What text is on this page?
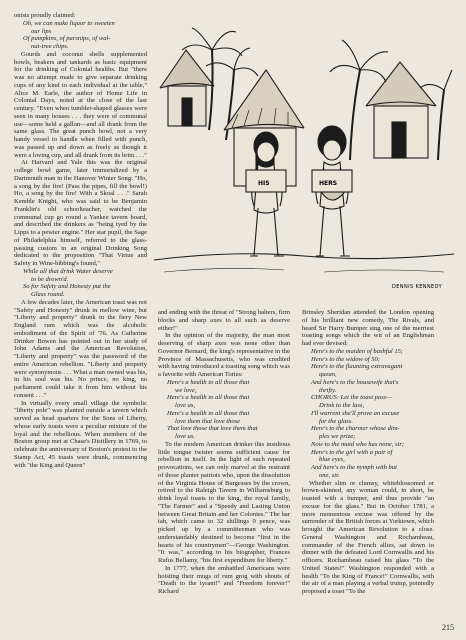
onists proudly claimed:

Oh, we can make liquor to sweeten
our lips
Of pumpkins, of parsnips, of wal-
nut-tree chips.

Gourds and coconut shells supplemented bowls, beakers and tankards as basic equipment for the drinking of Colonial healths. But "there was no attempt made to give separate drinking cups of any kind to each individual at the table," Alice M. Earle, the author of Home Life in Colonial Days, noted at the close of the last century. "Even when tumbler-shaped glasses were seen in many houses . . . they were of communal use—some held a gallon—and all drank from the same glass. The great punch bowl, not a very handy vessel to handle when filled with punch, was passed up and down as freely as though it were a loving cup, and all drank from its brim . . ."

At Harvard and Yale this was the original college bowl game, later immortalized by a Dartmouth man in the Hanover Winter Song: "Ho, a song by the fire! (Pass the pipes, fill the bowl!) Ho, a song by the fire! With a Skoal . . ." Sarah Kemble Knight, who was said to be Benjamin Franklin's old schoolteacher, watched the communal cup go round a Yankee tavern board, and described the drinkers as "being tyed by the Lipps to a pewter engine." Her star pupil, the Sage of Philadelphia himself, referred to the glass-passing custom in an original Drinking Song dedicated to the proposition "That Virtue and Safety in Wine-bibbing's found,"

While all that drink Water deserve
to be drown'd.
So for Safety and Honesty put the
Glass round.

A few decades later, the American toast was not "Safety and Honesty" drunk in mellow wine, but "Liberty and property" drunk in the fiery New England rum which was the alcoholic embodiment of the Spirit of '76. As Catherine Drinker Bowen has pointed out in her study of John Adams and the American Revolution, "Liberty and property" was the password of the entire American rebellion. "Liberty and property were synonymous . . . What a man owned was his, in his soul was his. No prince, no king, no parliament could take it from him without his consent . . ."

In virtually every small village the symbolic "liberty pole" was planted outside a tavern which served as head quarters for the Sons of Liberty, whose early toasts were a peculiar mixture of the loyal and the rebellious. When members of the Boston group met at Chase's Distillery in 1769, to celebrate the anniversary of Boston's protest to the Stamp Act, 45 toasts were drunk, commencing with "the King and Queen"

HIS	HERS
DENNIS KENNEDY

and ending with the threat of "Strong halters, firm blocks and sharp axes to all such as deserve either!"

In the opinion of the majority, the man most deserving of sharp axes was none other than Governor Bernard, the king's representative in the Province of Massachusetts, who was credited with having introduced a toasting song which was a favorite with American Tories:

Here's a health to all those that
we love,
Here's a health to all those that
love us,
Here's a health to all those that
love them that love those
That love those that love them that
love us.

To the modern American drinker this insidious little tongue twister seems sufficient cause for rebellion in itself. In the light of such repeated provocations, we can only marvel at the restraint of those planter patriots who, upon the dissolution of the Virginia House of Burgesses by the crown, retired to the Raleigh Tavern in Williamsburg to drink loyal toasts to the king, the royal family, "The Farmer" and a "Speedy and Lasting Union between Great Britain and her Colonies." The bar tab, which came to 32 shillings 9 pence, was picked up by a committeeman who was understandably destined to become "first in the hearts of his countrymen"—George Washington. "It was," according to his biographer, Frances Rufus Bellamy, "his first expenditure for liberty."

In 1777, when the embattled Americans were hoisting their mugs of rum grog with shouts of "Death to the tyrant!" and "Freedom forever!" Richard

Brinsley Sheridan attended the London opening of his brilliant new comedy, The Rivals, and heard Sir Harry Bumper sing one of the merriest toasting songs which the wit of an Englishman had ever devised:

Here's to the maiden of bashful 15;
Here's to the widow of 50;
Here's to the flaunting extravagant
quean,
And here's to the housewife that's
thrifty.
CHORUS: Let the toast pass—
Drink to the lass,
I'll warrent she'll prove an excuse
for the glass.
Here's to the charmer whose dim-
ples we prize;
Now to the maid who has none, sir;
Here's to the girl with a pair of
blue eyes,
And here's to the nymph with but
one, sir.

Whether slim or clumsy, whiteblossomed or brown-skinned, any woman could, in short, be toasted with a bumper, and thus provide "an excuse for the glass." But in October 1781, a more momentous excuse was offered by the surrender of the British forces at Yorktown, which brought the American Revolution to a close. General Washington and Rochambeau, commander of the French allies, sat down to dinner with the defeated Lord Cornwallis and his officers. Rochambeau raised his glass "To the United States!" Washington responded with a health "To the King of France!" Cornwallis, with the air of a man playing a verbal trump, pointedly proposed a toast "To the

215
